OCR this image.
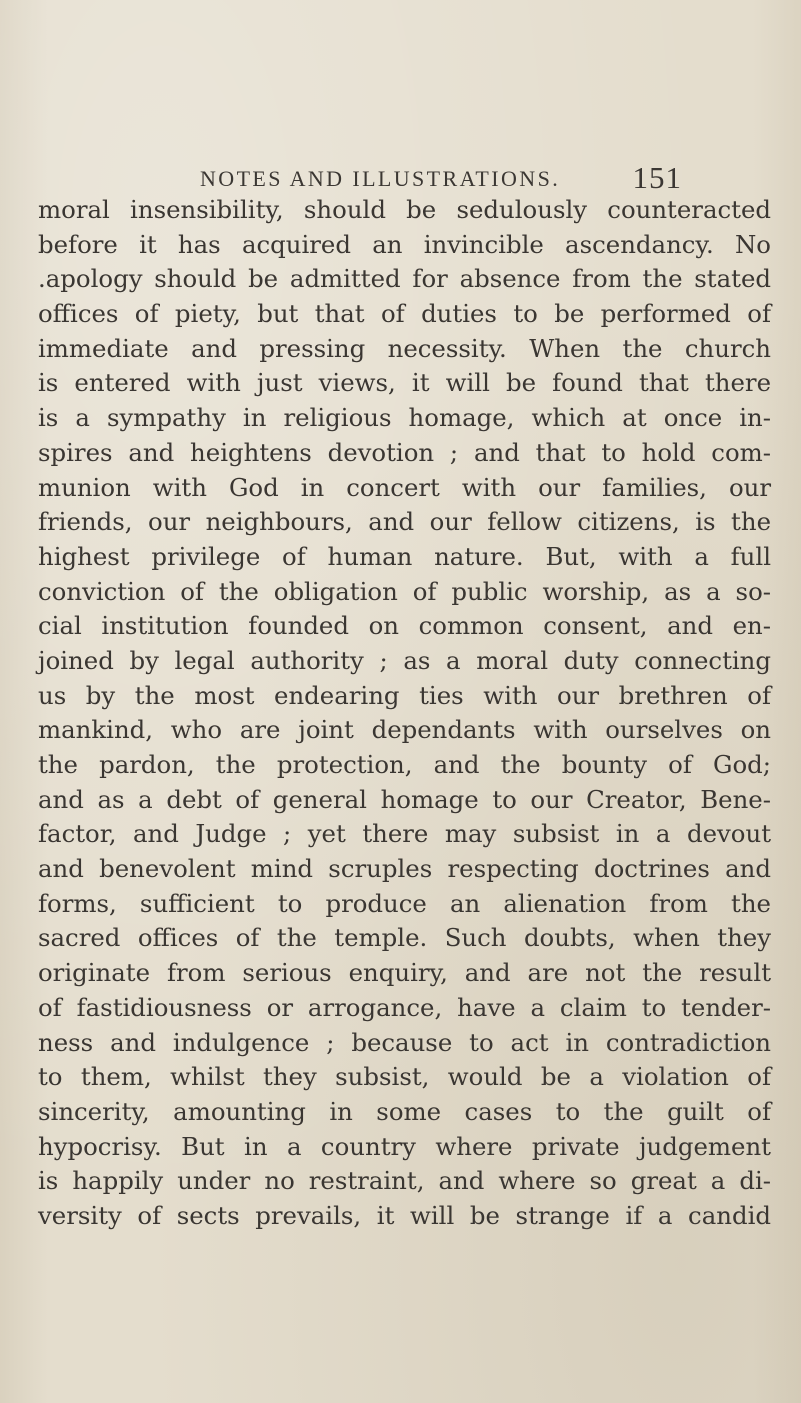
NOTES AND ILLUSTRATIONS. 151
moral insensibility, should be sedulously counteracted
before it has acquired an invincible ascendancy. No
.apology should be admitted for absence from the stated
offices of piety, but that of duties to be performed of
immediate and pressing necessity. When the church
is entered with just views, it will be found that there
is a sympathy in religious homage, which at once in-
spires and heightens devotion ; and that to hold com-
munion with God in concert with our families, our
friends, our neighbours, and our fellow citizens, is the
highest privilege of human nature. But, with a full
conviction of the obligation of public worship, as a so-
cial institution founded on common consent, and en-
joined by legal authority ; as a moral duty connecting
us by the most endearing ties with our brethren of
mankind, who are joint dependants with ourselves on
the pardon, the protection, and the bounty of God;
and as a debt of general homage to our Creator, Bene-
factor, and Judge ; yet there may subsist in a devout
and benevolent mind scruples respecting doctrines and
forms, sufficient to produce an alienation from the
sacred offices of the temple. Such doubts, when they
originate from serious enquiry, and are not the result
of fastidiousness or arrogance, have a claim to tender-
ness and indulgence ; because to act in contradiction
to them, whilst they subsist, would be a violation of
sincerity, amounting in some cases to the guilt of
hypocrisy. But in a country where private judgement
is happily under no restraint, and where so great a di-
versity of sects prevails, it will be strange if a candid
